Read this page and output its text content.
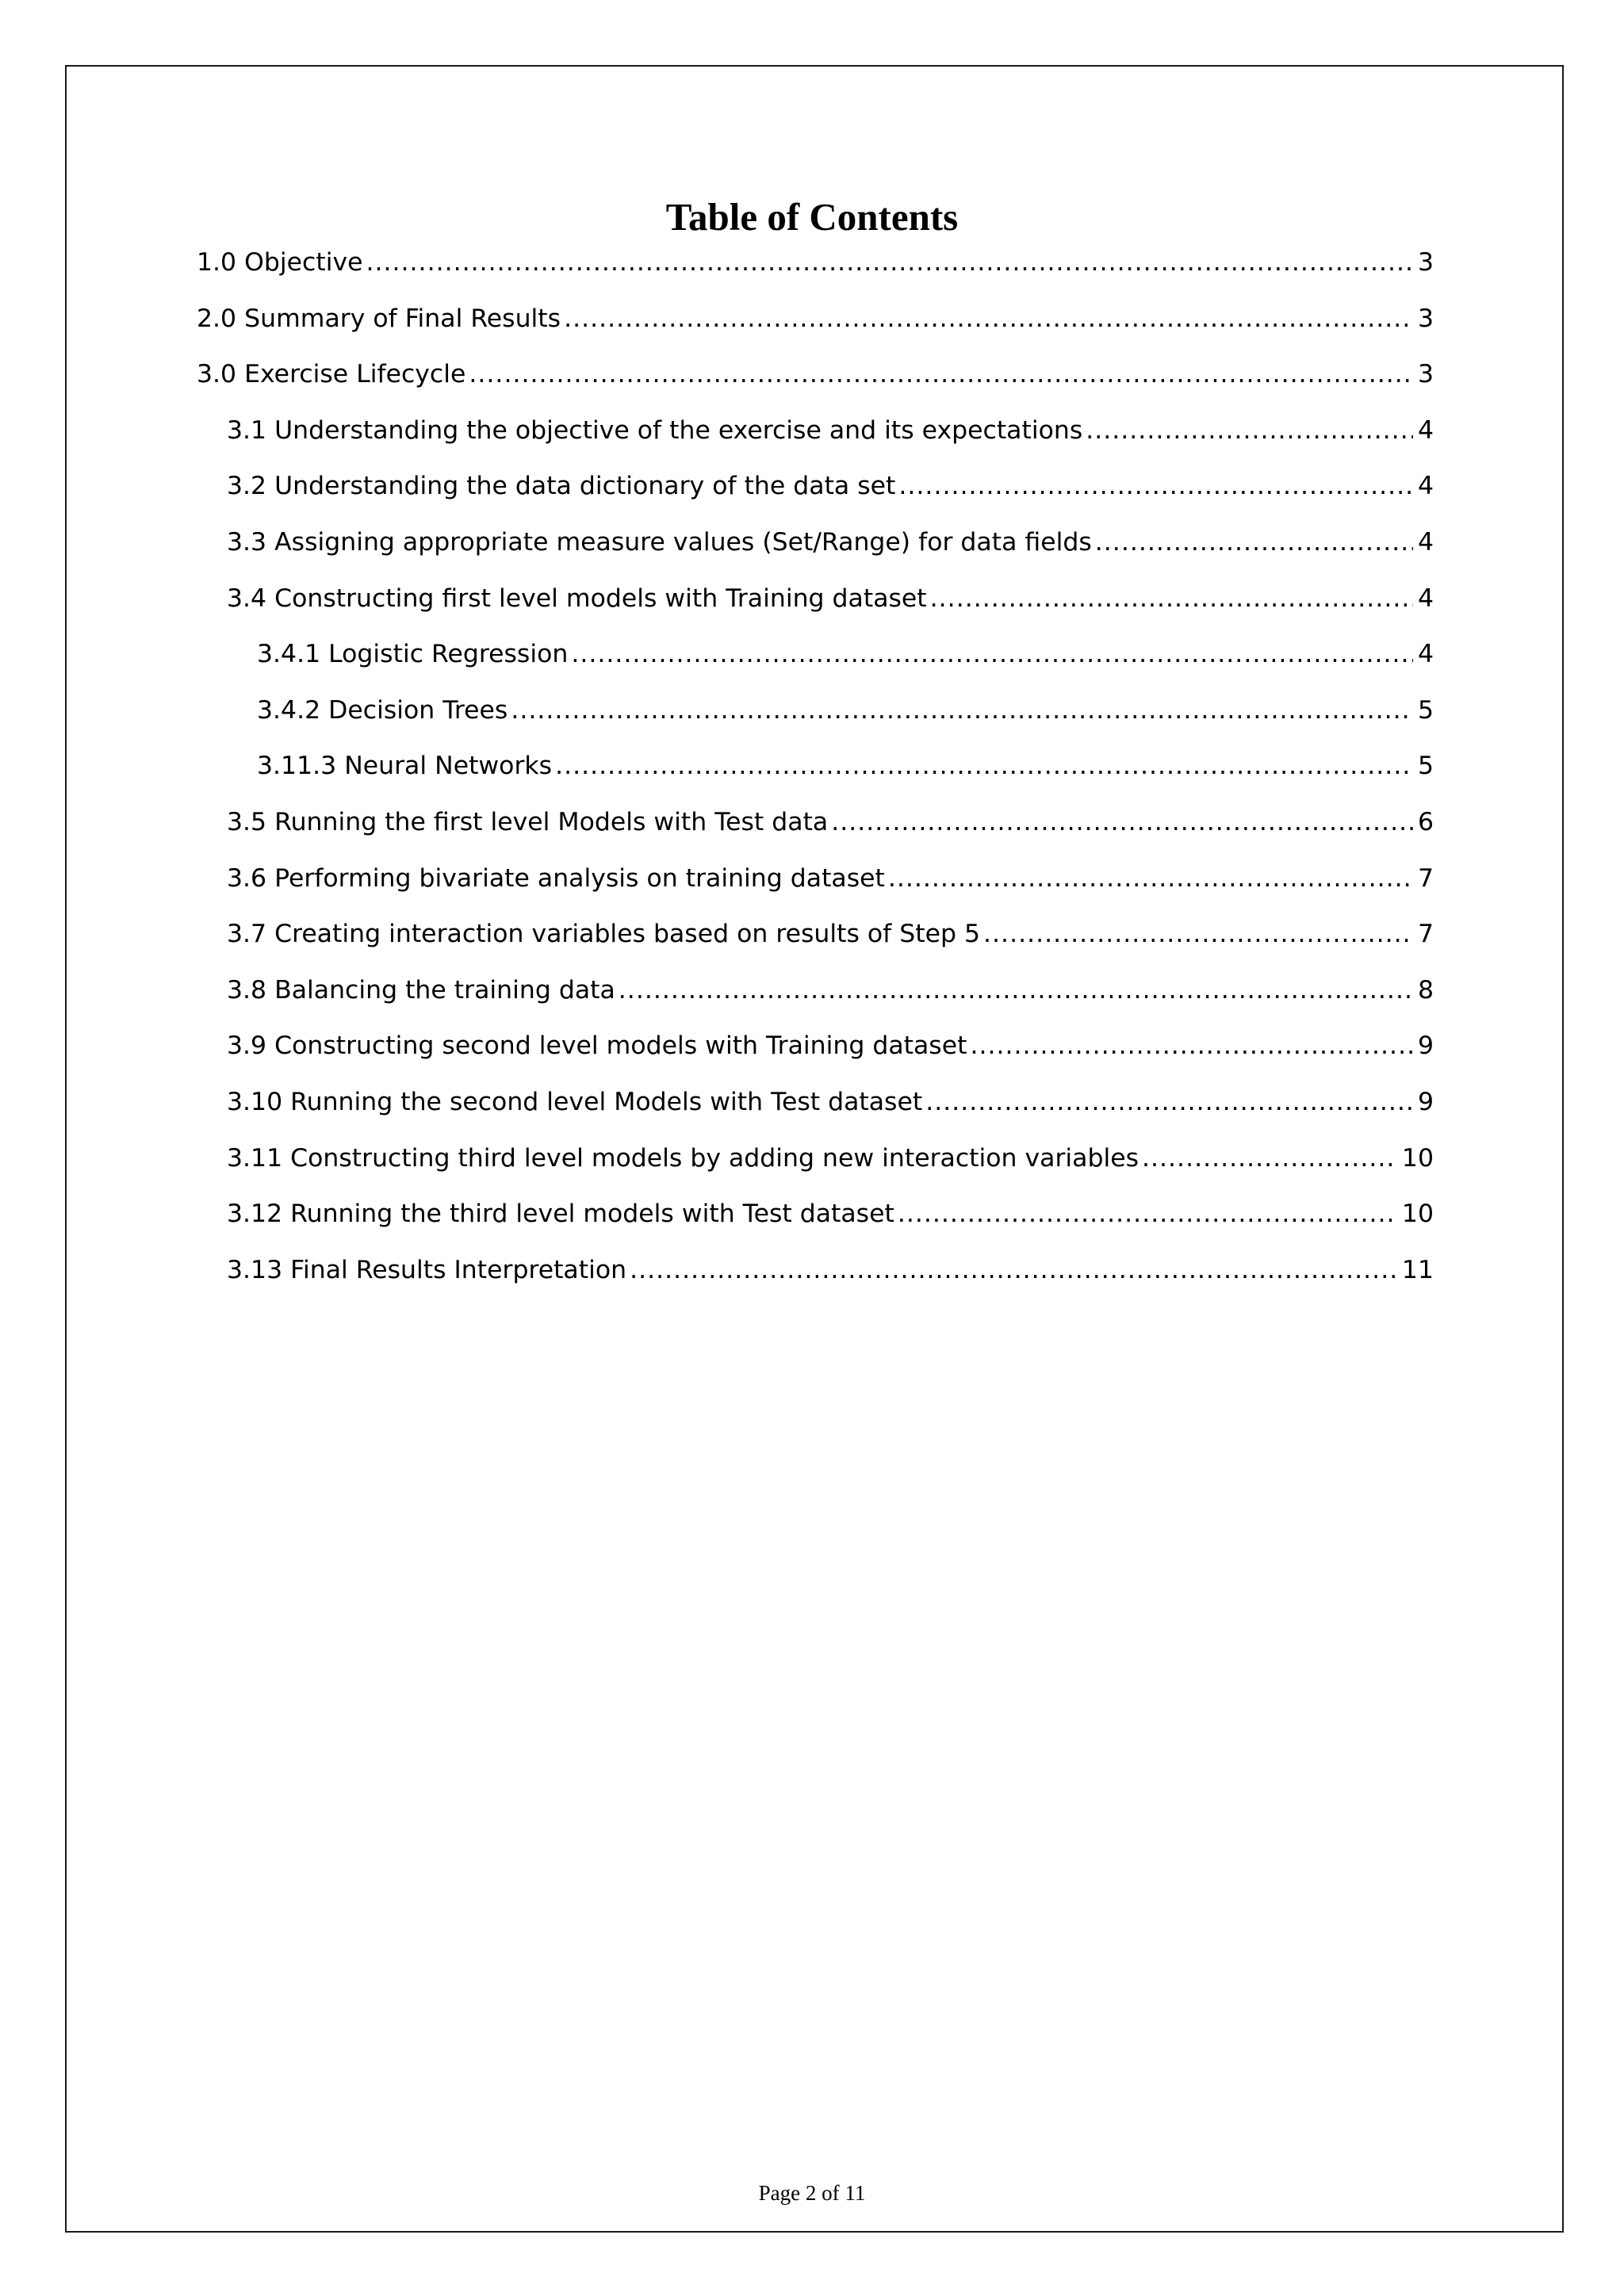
Table of Contents
1.0 Objective .....	3
2.0 Summary of Final Results .....	3
3.0 Exercise Lifecycle .....	3
3.1 Understanding the objective of the exercise and its expectations .....	4
3.2 Understanding the data dictionary of the data set .....	4
3.3 Assigning appropriate measure values (Set/Range) for data fields .....	4
3.4 Constructing first level models with Training dataset .....	4
3.4.1 Logistic Regression .....	4
3.4.2 Decision Trees .....	5
3.11.3 Neural Networks .....	5
3.5 Running the first level Models with Test data .....	6
3.6 Performing bivariate analysis on training dataset .....	7
3.7 Creating interaction variables based on results of Step 5 .....	7
3.8 Balancing the training data .....	8
3.9 Constructing second level models with Training dataset .....	9
3.10 Running the second level Models with Test dataset .....	9
3.11 Constructing third level models by adding new interaction variables .....	10
3.12 Running the third level models with Test dataset .....	10
3.13 Final Results Interpretation .....	11
Page 2 of 11
